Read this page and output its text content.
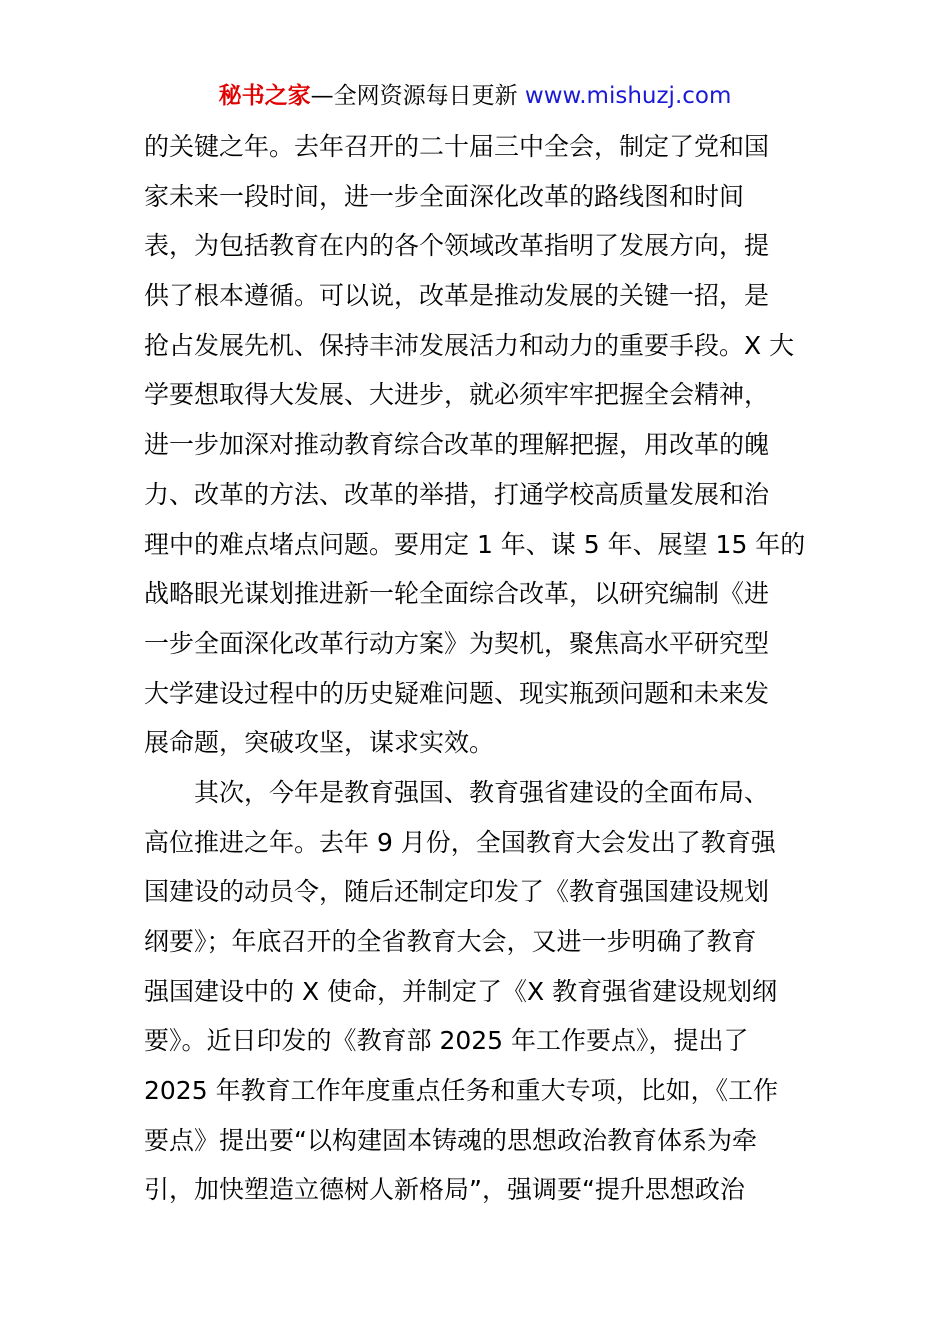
秘书之家—全网资源每日更新 www.mishuzj.com
的关键之年。去年召开的二十届三中全会，制定了党和国
家未来一段时间，进一步全面深化改革的路线图和时间
表，为包括教育在内的各个领域改革指明了发展方向，提
供了根本遵循。可以说，改革是推动发展的关键一招，是
抢占发展先机、保持丰沛发展活力和动力的重要手段。X 大
学要想取得大发展、大进步，就必须牢牢把握全会精神，
进一步加深对推动教育综合改革的理解把握，用改革的魄
力、改革的方法、改革的举措，打通学校高质量发展和治
理中的难点堵点问题。要用定 1 年、谋 5 年、展望 15 年的
战略眼光谋划推进新一轮全面综合改革，以研究编制《进
一步全面深化改革行动方案》为契机，聚焦高水平研究型
大学建设过程中的历史疑难问题、现实瓶颈问题和未来发
展命题，突破攻坚，谋求实效。
其次，今年是教育强国、教育强省建设的全面布局、
高位推进之年。去年 9 月份，全国教育大会发出了教育强
国建设的动员令，随后还制定印发了《教育强国建设规划
纲要》；年底召开的全省教育大会，又进一步明确了教育
强国建设中的 X 使命，并制定了《X 教育强省建设规划纲
要》。近日印发的《教育部 2025 年工作要点》，提出了
2025 年教育工作年度重点任务和重大专项，比如，《工作
要点》提出要“以构建固本铸魂的思想政治教育体系为牵
引，加快塑造立德树人新格局”，强调要“提升思想政治
